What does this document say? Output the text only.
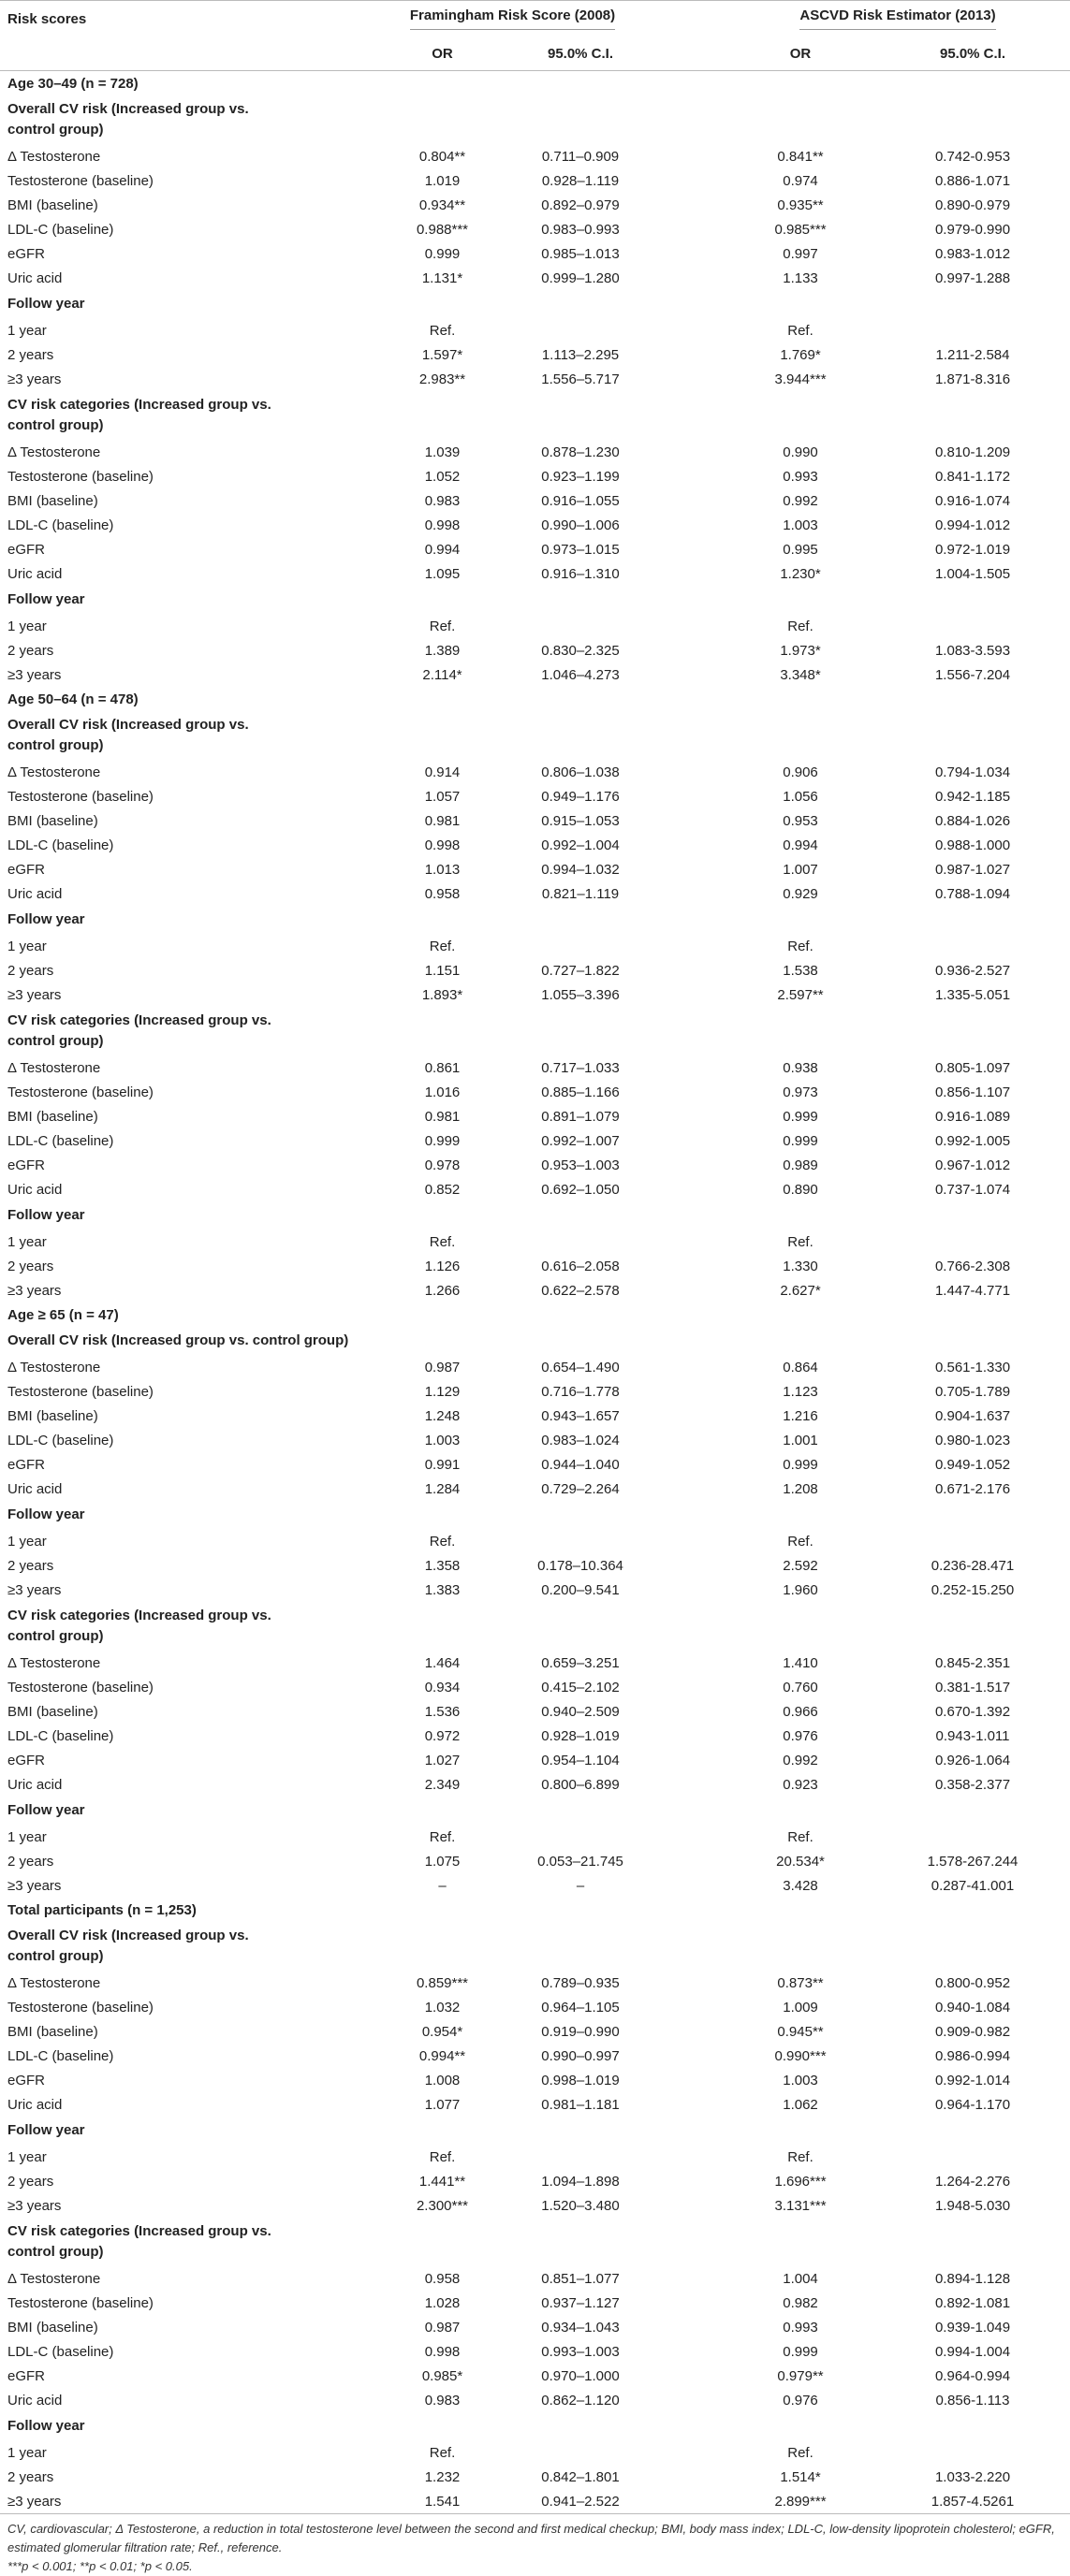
Risk scores	Framingham Risk Score (2008)			ASCVD Risk Estimator (2013)	
	OR	95.0% C.I.		OR	95.0% C.I.
Age 30–49 (n = 728)					
Overall CV risk (Increased group vs.
control group)					
Δ Testosterone	0.804**	0.711–0.909		0.841**	0.742-0.953
Testosterone (baseline)	1.019	0.928–1.119		0.974	0.886-1.071
BMI (baseline)	0.934**	0.892–0.979		0.935**	0.890-0.979
LDL-C (baseline)	0.988***	0.983–0.993		0.985***	0.979-0.990
eGFR	0.999	0.985–1.013		0.997	0.983-1.012
Uric acid	1.131*	0.999–1.280		1.133	0.997-1.288
Follow year					
1 year	Ref.			Ref.	
2 years	1.597*	1.113–2.295		1.769*	1.211-2.584
≥3 years	2.983**	1.556–5.717		3.944***	1.871-8.316
CV risk categories (Increased group vs.
control group)					
Δ Testosterone	1.039	0.878–1.230		0.990	0.810-1.209
Testosterone (baseline)	1.052	0.923–1.199		0.993	0.841-1.172
BMI (baseline)	0.983	0.916–1.055		0.992	0.916-1.074
LDL-C (baseline)	0.998	0.990–1.006		1.003	0.994-1.012
eGFR	0.994	0.973–1.015		0.995	0.972-1.019
Uric acid	1.095	0.916–1.310		1.230*	1.004-1.505
Follow year					
1 year	Ref.			Ref.	
2 years	1.389	0.830–2.325		1.973*	1.083-3.593
≥3 years	2.114*	1.046–4.273		3.348*	1.556-7.204
Age 50–64 (n = 478)					
Overall CV risk (Increased group vs.
control group)					
Δ Testosterone	0.914	0.806–1.038		0.906	0.794-1.034
Testosterone (baseline)	1.057	0.949–1.176		1.056	0.942-1.185
BMI (baseline)	0.981	0.915–1.053		0.953	0.884-1.026
LDL-C (baseline)	0.998	0.992–1.004		0.994	0.988-1.000
eGFR	1.013	0.994–1.032		1.007	0.987-1.027
Uric acid	0.958	0.821–1.119		0.929	0.788-1.094
Follow year					
1 year	Ref.			Ref.	
2 years	1.151	0.727–1.822		1.538	0.936-2.527
≥3 years	1.893*	1.055–3.396		2.597**	1.335-5.051
CV risk categories (Increased group vs.
control group)					
Δ Testosterone	0.861	0.717–1.033		0.938	0.805-1.097
Testosterone (baseline)	1.016	0.885–1.166		0.973	0.856-1.107
BMI (baseline)	0.981	0.891–1.079		0.999	0.916-1.089
LDL-C (baseline)	0.999	0.992–1.007		0.999	0.992-1.005
eGFR	0.978	0.953–1.003		0.989	0.967-1.012
Uric acid	0.852	0.692–1.050		0.890	0.737-1.074
Follow year					
1 year	Ref.			Ref.	
2 years	1.126	0.616–2.058		1.330	0.766-2.308
≥3 years	1.266	0.622–2.578		2.627*	1.447-4.771
Age ≥ 65 (n = 47)					
Overall CV risk (Increased group vs. control group)					
Δ Testosterone	0.987	0.654–1.490		0.864	0.561-1.330
Testosterone (baseline)	1.129	0.716–1.778		1.123	0.705-1.789
BMI (baseline)	1.248	0.943–1.657		1.216	0.904-1.637
LDL-C (baseline)	1.003	0.983–1.024		1.001	0.980-1.023
eGFR	0.991	0.944–1.040		0.999	0.949-1.052
Uric acid	1.284	0.729–2.264		1.208	0.671-2.176
Follow year					
1 year	Ref.			Ref.	
2 years	1.358	0.178–10.364		2.592	0.236-28.471
≥3 years	1.383	0.200–9.541		1.960	0.252-15.250
CV risk categories (Increased group vs.
control group)					
Δ Testosterone	1.464	0.659–3.251		1.410	0.845-2.351
Testosterone (baseline)	0.934	0.415–2.102		0.760	0.381-1.517
BMI (baseline)	1.536	0.940–2.509		0.966	0.670-1.392
LDL-C (baseline)	0.972	0.928–1.019		0.976	0.943-1.011
eGFR	1.027	0.954–1.104		0.992	0.926-1.064
Uric acid	2.349	0.800–6.899		0.923	0.358-2.377
Follow year					
1 year	Ref.			Ref.	
2 years	1.075	0.053–21.745		20.534*	1.578-267.244
≥3 years	–	–		3.428	0.287-41.001
Total participants (n = 1,253)					
Overall CV risk (Increased group vs.
control group)					
Δ Testosterone	0.859***	0.789–0.935		0.873**	0.800-0.952
Testosterone (baseline)	1.032	0.964–1.105		1.009	0.940-1.084
BMI (baseline)	0.954*	0.919–0.990		0.945**	0.909-0.982
LDL-C (baseline)	0.994**	0.990–0.997		0.990***	0.986-0.994
eGFR	1.008	0.998–1.019		1.003	0.992-1.014
Uric acid	1.077	0.981–1.181		1.062	0.964-1.170
Follow year					
1 year	Ref.			Ref.	
2 years	1.441**	1.094–1.898		1.696***	1.264-2.276
≥3 years	2.300***	1.520–3.480		3.131***	1.948-5.030
CV risk categories (Increased group vs.
control group)					
Δ Testosterone	0.958	0.851–1.077		1.004	0.894-1.128
Testosterone (baseline)	1.028	0.937–1.127		0.982	0.892-1.081
BMI (baseline)	0.987	0.934–1.043		0.993	0.939-1.049
LDL-C (baseline)	0.998	0.993–1.003		0.999	0.994-1.004
eGFR	0.985*	0.970–1.000		0.979**	0.964-0.994
Uric acid	0.983	0.862–1.120		0.976	0.856-1.113
Follow year					
1 year	Ref.			Ref.	
2 years	1.232	0.842–1.801		1.514*	1.033-2.220
≥3 years	1.541	0.941–2.522		2.899***	1.857-4.5261
CV, cardiovascular; Δ Testosterone, a reduction in total testosterone level between the second and first medical checkup; BMI, body mass index; LDL-C, low-density lipoprotein cholesterol; eGFR, estimated glomerular filtration rate; Ref., reference.
***p < 0.001; **p < 0.01; *p < 0.05.
